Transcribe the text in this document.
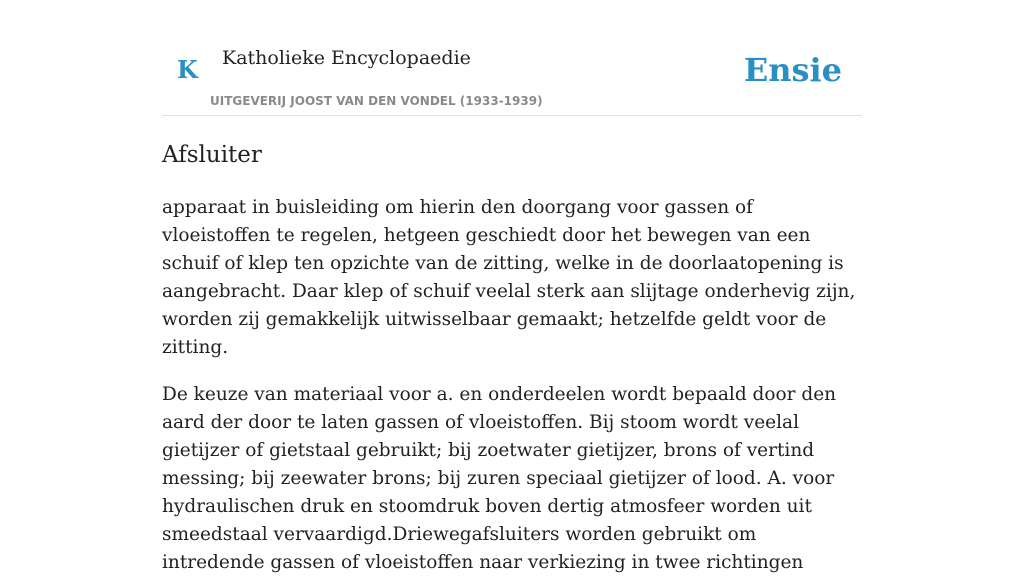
K Katholieke Encyclopaedie
UITGEVERIJ JOOST VAN DEN VONDEL (1933-1939)
Ensie
Afsluiter

apparaat in buisleiding om hierin den doorgang voor gassen of vloeistoffen te regelen, hetgeen geschiedt door het bewegen van een schuif of klep ten opzichte van de zitting, welke in de doorlaatopening is aangebracht. Daar klep of schuif veelal sterk aan slijtage onderhevig zijn, worden zij gemakkelijk uitwisselbaar gemaakt; hetzelfde geldt voor de zitting.

De keuze van materiaal voor a. en onderdeelen wordt bepaald door den aard der door te laten gassen of vloeistoffen. Bij stoom wordt veelal gietijzer of gietstaal gebruikt; bij zoetwater gietijzer, brons of vertind messing; bij zeewater brons; bij zuren speciaal gietijzer of lood. A. voor hydraulischen druk en stoomdruk boven dertig atmosfeer worden uit smeedstaal vervaardigd.Driewegafsluiters worden gebruikt om intredende gassen of vloeistoffen naar verkiezing in twee richtingen
